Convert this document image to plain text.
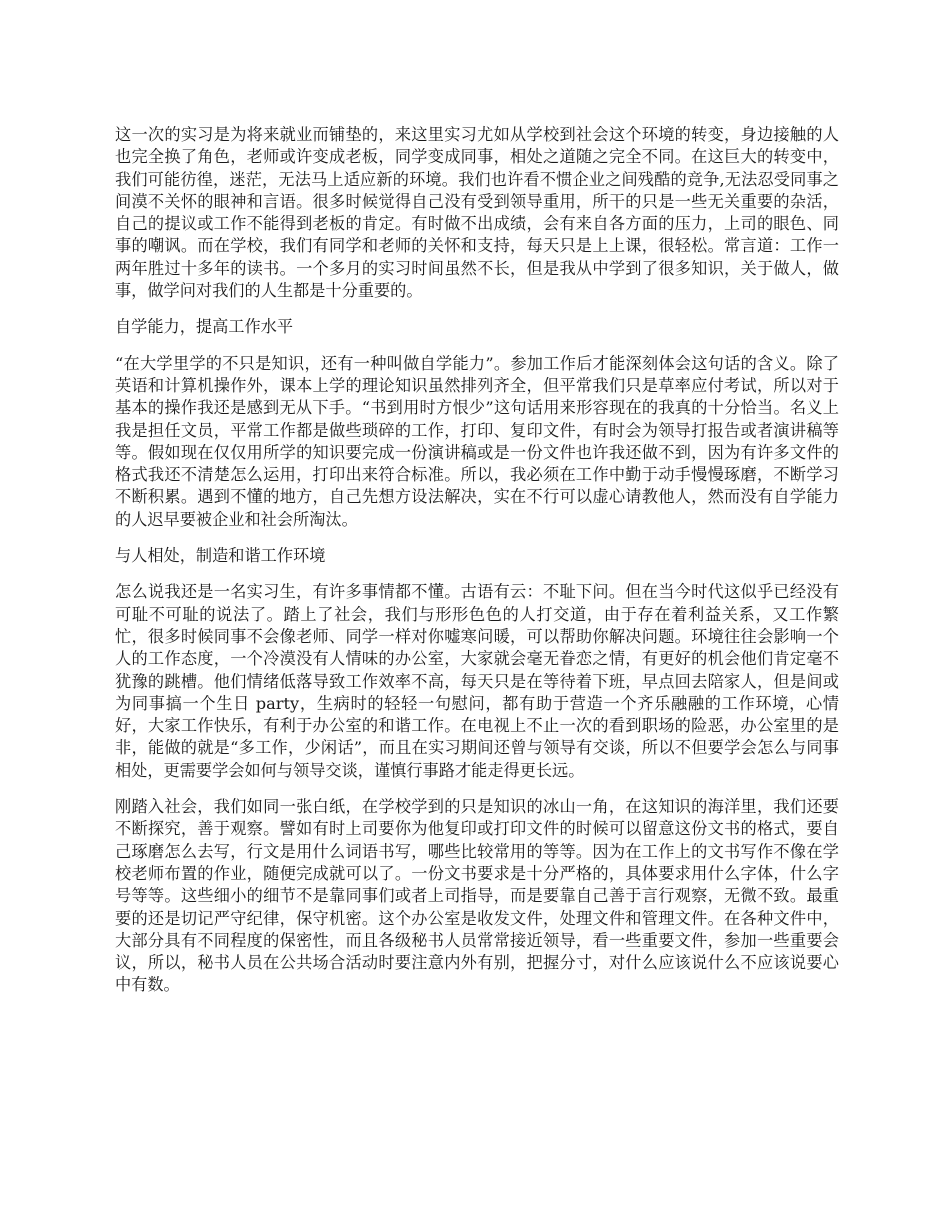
这一次的实习是为将来就业而铺垫的，来这里实习尤如从学校到社会这个环境的转变，身边接触的人也完全换了角色，老师或许变成老板，同学变成同事，相处之道随之完全不同。在这巨大的转变中，我们可能彷徨，迷茫，无法马上适应新的环境。我们也许看不惯企业之间残酷的竞争,无法忍受同事之间漠不关怀的眼神和言语。很多时候觉得自己没有受到领导重用，所干的只是一些无关重要的杂活，自己的提议或工作不能得到老板的肯定。有时做不出成绩，会有来自各方面的压力，上司的眼色、同事的嘲讽。而在学校，我们有同学和老师的关怀和支持，每天只是上上课，很轻松。常言道：工作一两年胜过十多年的读书。一个多月的实习时间虽然不长，但是我从中学到了很多知识，关于做人，做事，做学问对我们的人生都是十分重要的。

自学能力，提高工作水平

“在大学里学的不只是知识，还有一种叫做自学能力”。参加工作后才能深刻体会这句话的含义。除了英语和计算机操作外，课本上学的理论知识虽然排列齐全，但平常我们只是草率应付考试，所以对于基本的操作我还是感到无从下手。“书到用时方恨少”这句话用来形容现在的我真的十分恰当。名义上我是担任文员，平常工作都是做些琐碎的工作，打印、复印文件，有时会为领导打报告或者演讲稿等等。假如现在仅仅用所学的知识要完成一份演讲稿或是一份文件也许我还做不到，因为有许多文件的格式我还不清楚怎么运用，打印出来符合标准。所以，我必须在工作中勤于动手慢慢琢磨，不断学习不断积累。遇到不懂的地方，自己先想方设法解决，实在不行可以虚心请教他人，然而没有自学能力的人迟早要被企业和社会所淘汰。

与人相处，制造和谐工作环境

怎么说我还是一名实习生，有许多事情都不懂。古语有云：不耻下问。但在当今时代这似乎已经没有可耻不可耻的说法了。踏上了社会，我们与形形色色的人打交道，由于存在着利益关系，又工作繁忙，很多时候同事不会像老师、同学一样对你嘘寒问暖，可以帮助你解决问题。环境往往会影响一个人的工作态度，一个冷漠没有人情味的办公室，大家就会毫无眷恋之情，有更好的机会他们肯定毫不犹豫的跳槽。他们情绪低落导致工作效率不高，每天只是在等待着下班，早点回去陪家人，但是间或为同事搞一个生日 party，生病时的轻轻一句慰问，都有助于营造一个齐乐融融的工作环境，心情好，大家工作快乐，有利于办公室的和谐工作。在电视上不止一次的看到职场的险恶，办公室里的是非，能做的就是“多工作，少闲话”，而且在实习期间还曾与领导有交谈，所以不但要学会怎么与同事相处，更需要学会如何与领导交谈，谨慎行事路才能走得更长远。

刚踏入社会，我们如同一张白纸，在学校学到的只是知识的冰山一角，在这知识的海洋里，我们还要不断探究，善于观察。譬如有时上司要你为他复印或打印文件的时候可以留意这份文书的格式，要自己琢磨怎么去写，行文是用什么词语书写，哪些比较常用的等等。因为在工作上的文书写作不像在学校老师布置的作业，随便完成就可以了。一份文书要求是十分严格的，具体要求用什么字体，什么字号等等。这些细小的细节不是靠同事们或者上司指导，而是要靠自己善于言行观察，无微不致。最重要的还是切记严守纪律，保守机密。这个办公室是收发文件，处理文件和管理文件。在各种文件中，大部分具有不同程度的保密性，而且各级秘书人员常常接近领导，看一些重要文件，参加一些重要会议，所以，秘书人员在公共场合活动时要注意内外有别，把握分寸，对什么应该说什么不应该说要心中有数。
